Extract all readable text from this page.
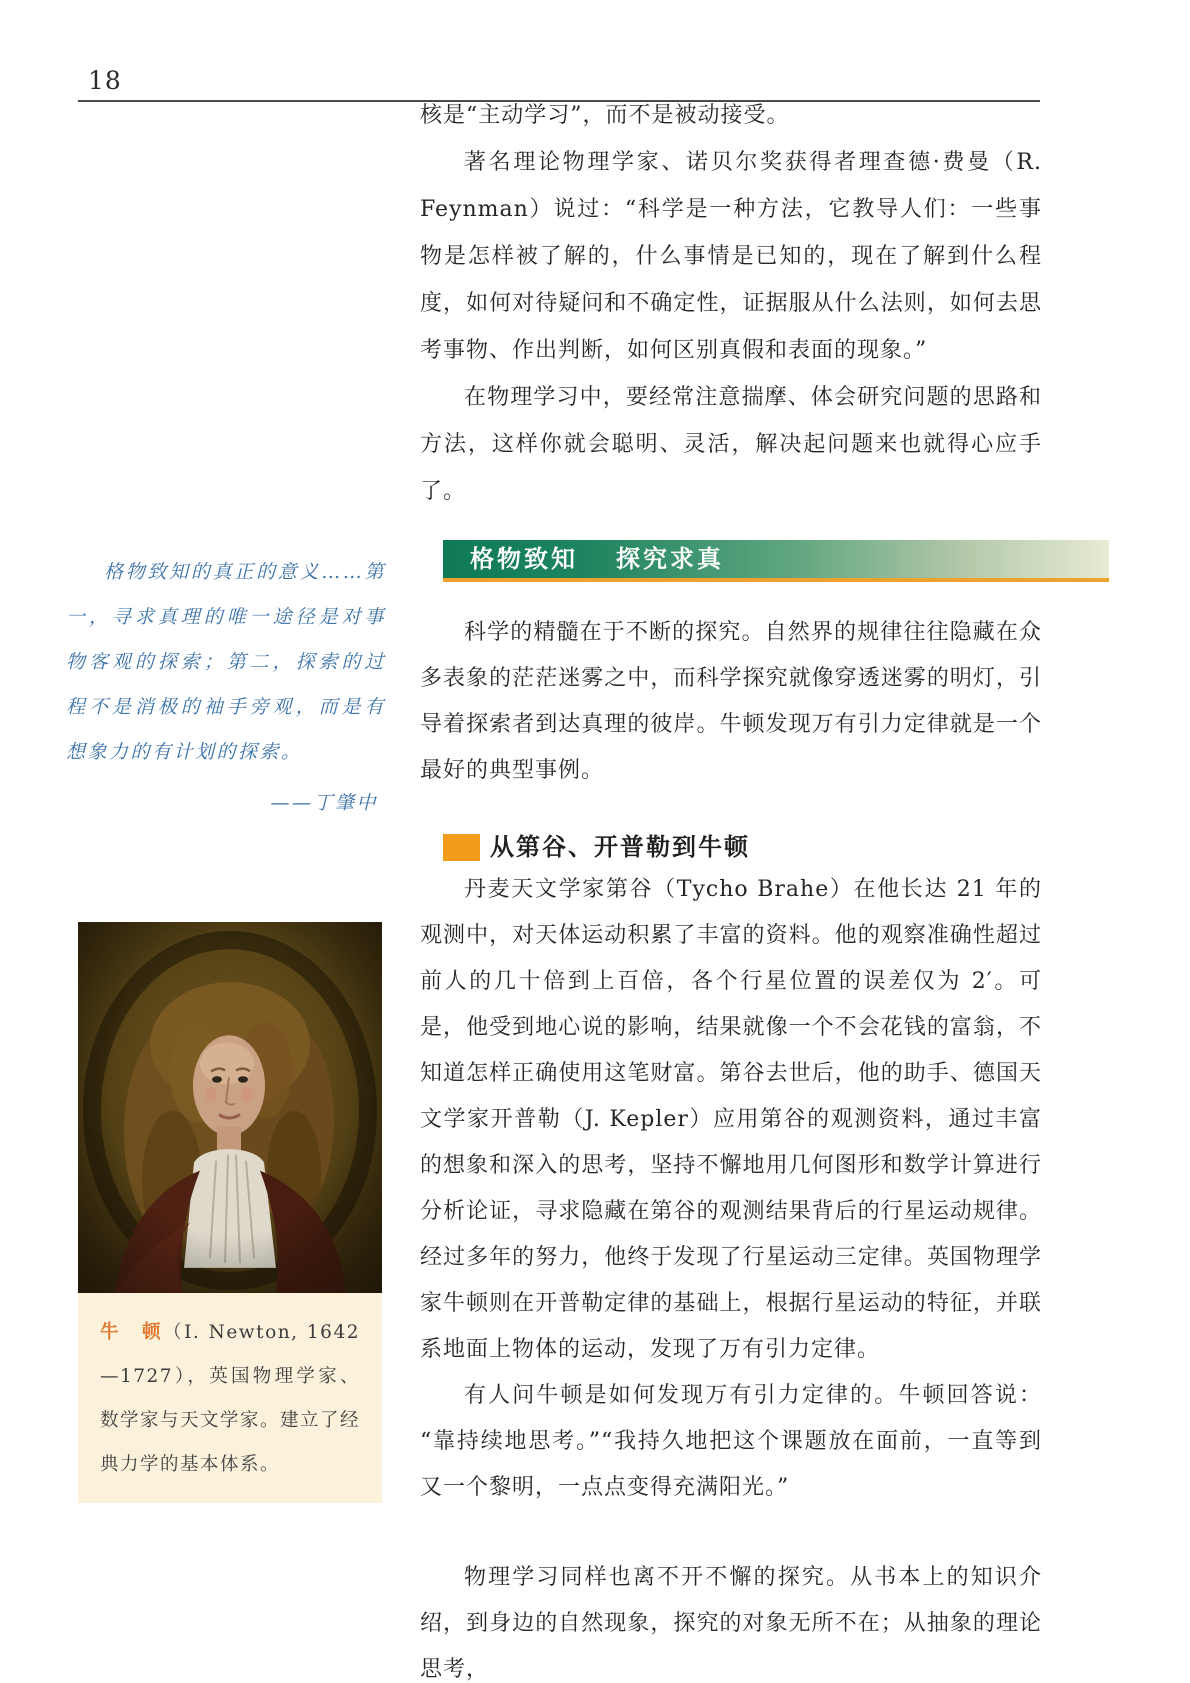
18

格物致知的真正的意义……第一，寻求真理的唯一途径是对事物客观的探索；第二，探索的过程不是消极的袖手旁观，而是有想象力的有计划的探索。

——丁肇中

牛　顿（I. Newton, 1642—1727），英国物理学家、数学家与天文学家。建立了经典力学的基本体系。

核是“主动学习”，而不是被动接受。

著名理论物理学家、诺贝尔奖获得者理查德·费曼（R. Feynman）说过：“科学是一种方法，它教导人们：一些事物是怎样被了解的，什么事情是已知的，现在了解到什么程度，如何对待疑问和不确定性，证据服从什么法则，如何去思考事物、作出判断，如何区别真假和表面的现象。”

在物理学习中，要经常注意揣摩、体会研究问题的思路和方法，这样你就会聪明、灵活，解决起问题来也就得心应手了。

格物致知 探究求真

科学的精髓在于不断的探究。自然界的规律往往隐藏在众多表象的茫茫迷雾之中，而科学探究就像穿透迷雾的明灯，引导着探索者到达真理的彼岸。牛顿发现万有引力定律就是一个最好的典型事例。

从第谷、开普勒到牛顿

丹麦天文学家第谷（Tycho Brahe）在他长达 21 年的观测中，对天体运动积累了丰富的资料。他的观察准确性超过前人的几十倍到上百倍，各个行星位置的误差仅为 2′。可是，他受到地心说的影响，结果就像一个不会花钱的富翁，不知道怎样正确使用这笔财富。第谷去世后，他的助手、德国天文学家开普勒（J. Kepler）应用第谷的观测资料，通过丰富的想象和深入的思考，坚持不懈地用几何图形和数学计算进行分析论证，寻求隐藏在第谷的观测结果背后的行星运动规律。经过多年的努力，他终于发现了行星运动三定律。英国物理学家牛顿则在开普勒定律的基础上，根据行星运动的特征，并联系地面上物体的运动，发现了万有引力定律。

有人问牛顿是如何发现万有引力定律的。牛顿回答说：“靠持续地思考。”“我持久地把这个课题放在面前，一直等到又一个黎明，一点点变得充满阳光。”

物理学习同样也离不开不懈的探究。从书本上的知识介绍，到身边的自然现象，探究的对象无所不在；从抽象的理论思考，
